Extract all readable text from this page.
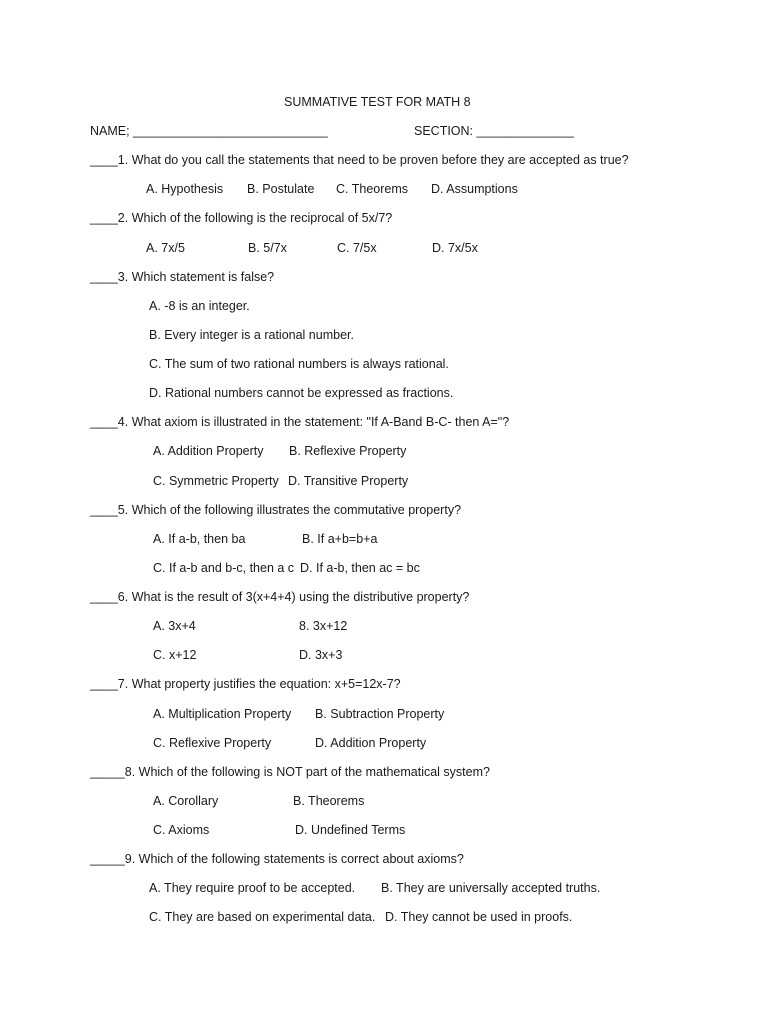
SUMMATIVE TEST FOR MATH 8
NAME; ____________________________	SECTION: ______________
____1. What do you call the statements that need to be proven before they are accepted as true?
A. Hypothesis B. Postulate C. Theorems D. Assumptions
____2. Which of the following is the reciprocal of 5x/7?
A. 7x/5	B. 5/7x	C. 7/5x	D. 7x/5x
____3. Which statement is false?
A. -8 is an integer.
B. Every integer is a rational number.
C. The sum of two rational numbers is always rational.
D. Rational numbers cannot be expressed as fractions.
____4. What axiom is illustrated in the statement: "If A-Band B-C- then A="?
A. Addition Property B. Reflexive Property
C. Symmetric Property D. Transitive Property
____5. Which of the following illustrates the commutative property?
A. If a-b, then ba	B. If a+b=b+a
C. If a-b and b-c, then a c D. If a-b, then ac = bc
____6. What is the result of 3(x+4+4) using the distributive property?
A. 3x+4	8. 3x+12
C. x+12	D. 3x+3
____7. What property justifies the equation: x+5=12x-7?
A. Multiplication Property B. Subtraction Property
C. Reflexive Property	D. Addition Property
_____8. Which of the following is NOT part of the mathematical system?
A. Corollary	B. Theorems
C. Axioms	D. Undefined Terms
_____9. Which of the following statements is correct about axioms?
A. They require proof to be accepted. B. They are universally accepted truths.
C. They are based on experimental data. D. They cannot be used in proofs.
